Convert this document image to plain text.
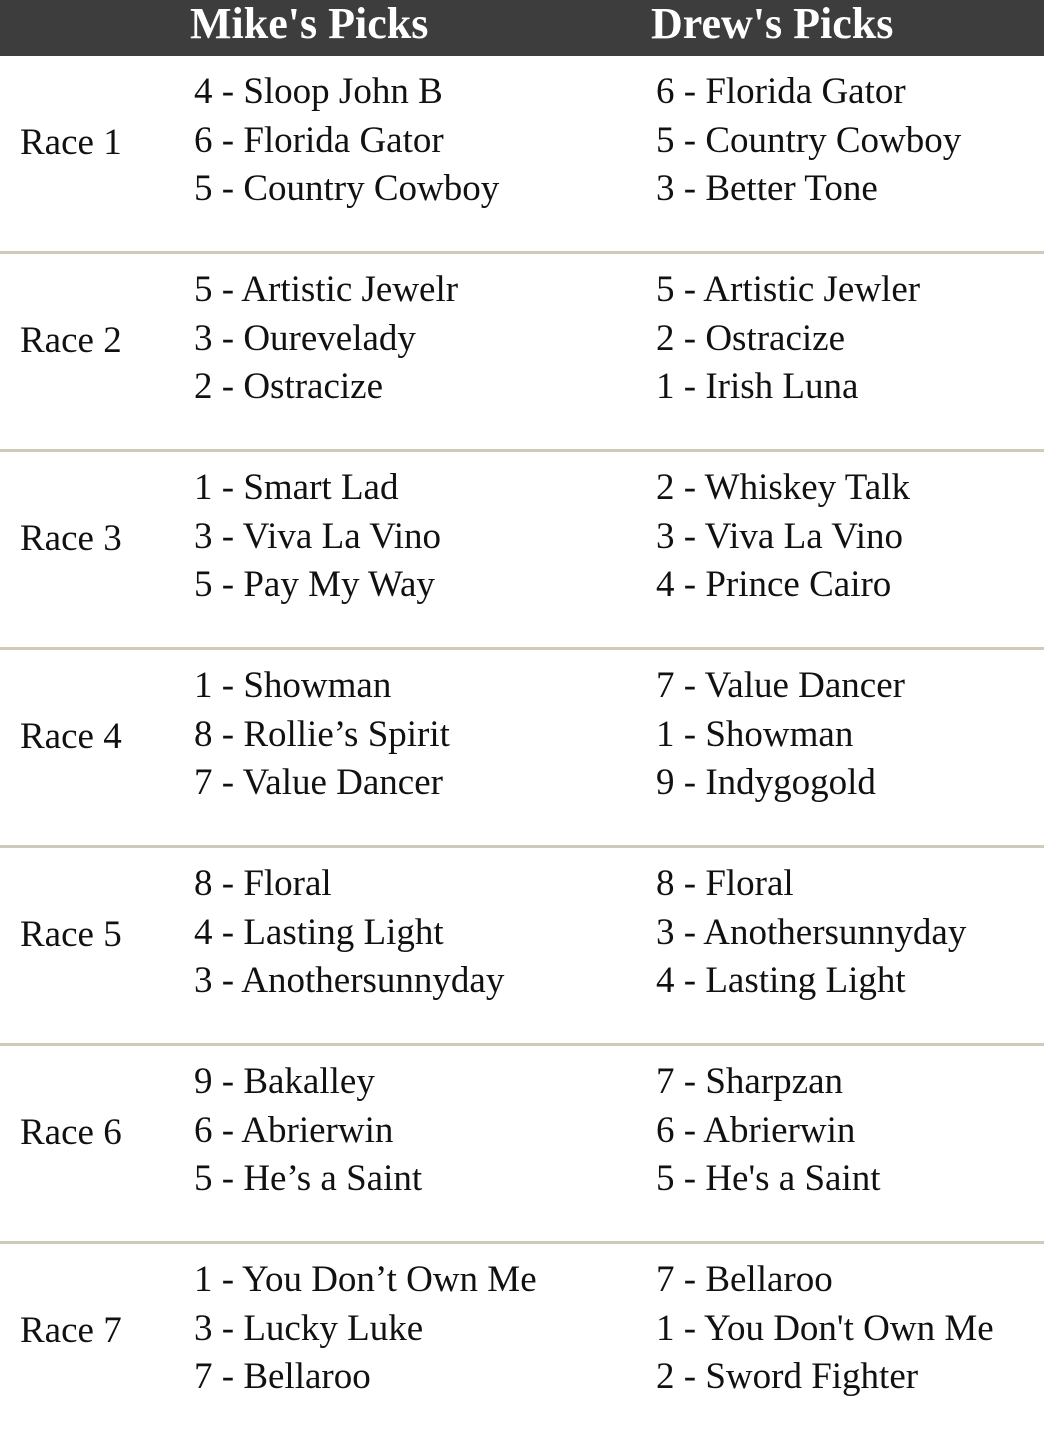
Mike's Picks	Drew's Picks
Race 1
4 - Sloop John B
6 - Florida Gator
5 - Country Cowboy
6 - Florida Gator
5 - Country Cowboy
3 - Better Tone
Race 2
5 - Artistic Jewelr
3 - Ourevelady
2 - Ostracize
5 - Artistic Jewler
2 - Ostracize
1 - Irish Luna
Race 3
1 - Smart Lad
3 - Viva La Vino
5 - Pay My Way
2 - Whiskey Talk
3 - Viva La Vino
4 - Prince Cairo
Race 4
1 - Showman
8 - Rollie’s Spirit
7 - Value Dancer
7 - Value Dancer
1 - Showman
9 - Indygogold
Race 5
8 - Floral
4 - Lasting Light
3 - Anothersunnyday
8 - Floral
3 - Anothersunnyday
4 - Lasting Light
Race 6
9 - Bakalley
6 - Abrierwin
5 - He’s a Saint
7 - Sharpzan
6 - Abrierwin
5 - He's a Saint
Race 7
1 - You Don’t Own Me
3 - Lucky Luke
7 - Bellaroo
7 - Bellaroo
1 - You Don't Own Me
2 - Sword Fighter
